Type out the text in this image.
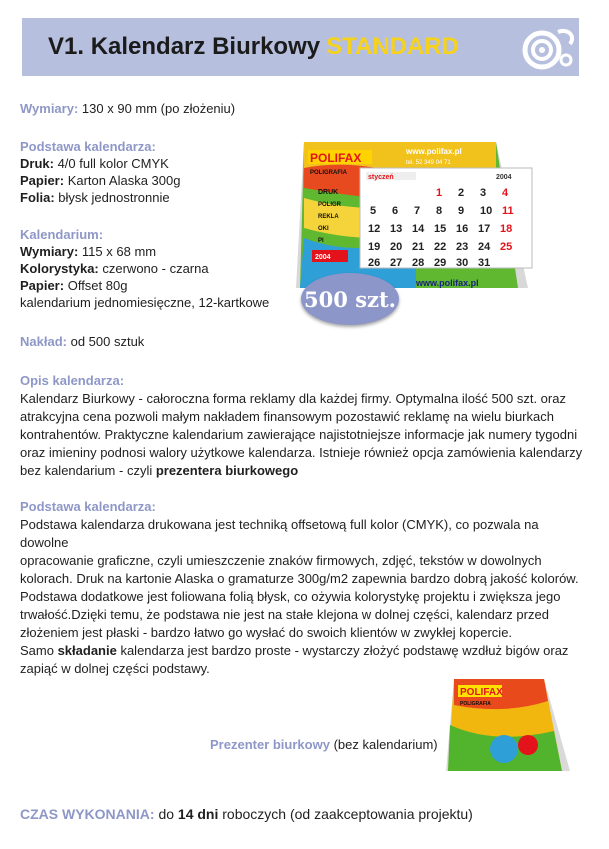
V1. Kalendarz Biurkowy STANDARD
Wymiary: 130 x 90 mm (po złożeniu)
Podstawa kalendarza:
Druk: 4/0 full kolor CMYK
Papier: Karton Alaska 300g
Folia: błysk jednostronnie
Kalendarium:
Wymiary: 115 x 68 mm
Kolorystyka: czerwono - czarna
Papier: Offset 80g
kalendarium jednomiesięczne, 12-kartkowe
Nakład: od 500 sztuk
POLIFAX
POLIGRAFIA
www.polifax.pl
tel. 52 349 04 71
DRUK
POLIGR
REKLA
OKI
PI
styczeń	2004
1 2 3 4
5 6 7 8 9 10 11
12 13 14 15 16 17 18
19 20 21 22 23 24 25
26 27 28 29 30 31
www.polifax.pl
2004
500 szt.
Opis kalendarza:
Kalendarz Biurkowy - całoroczna forma reklamy dla każdej firmy. Optymalna ilość 500 szt. oraz
atrakcyjna cena pozwoli małym nakładem finansowym pozostawić reklamę na wielu biurkach
kontrahentów. Praktyczne kalendarium zawierające najistotniejsze informacje jak numery tygodni
oraz imieniny podnosi walory użytkowe kalendarza. Istnieje również opcja zamówienia kalendarzy
bez kalendarium - czyli prezentera biurkowego
Podstawa kalendarza:
Podstawa kalendarza drukowana jest techniką offsetową full kolor (CMYK), co pozwala na dowolne
opracowanie graficzne, czyli umieszczenie znaków firmowych, zdjęć, tekstów w dowolnych
kolorach. Druk na kartonie Alaska o gramaturze 300g/m2 zapewnia bardzo dobrą jakość kolorów.
Podstawa dodatkowe jest foliowana folią błysk, co ożywia kolorystykę projektu i zwiększa jego
trwałość.Dzięki temu, że podstawa nie jest na stałe klejona w dolnej części, kalendarz przed
złożeniem jest płaski - bardzo łatwo go wysłać do swoich klientów w zwykłej kopercie.
Samo składanie kalendarza jest bardzo proste - wystarczy złożyć podstawę wzdłuż bigów oraz
zapiąć w dolnej części podstawy.
Prezenter biurkowy (bez kalendarium)
POLIFAX
POLIGRAFIA
CZAS WYKONANIA: do 14 dni roboczych (od zaakceptowania projektu)
